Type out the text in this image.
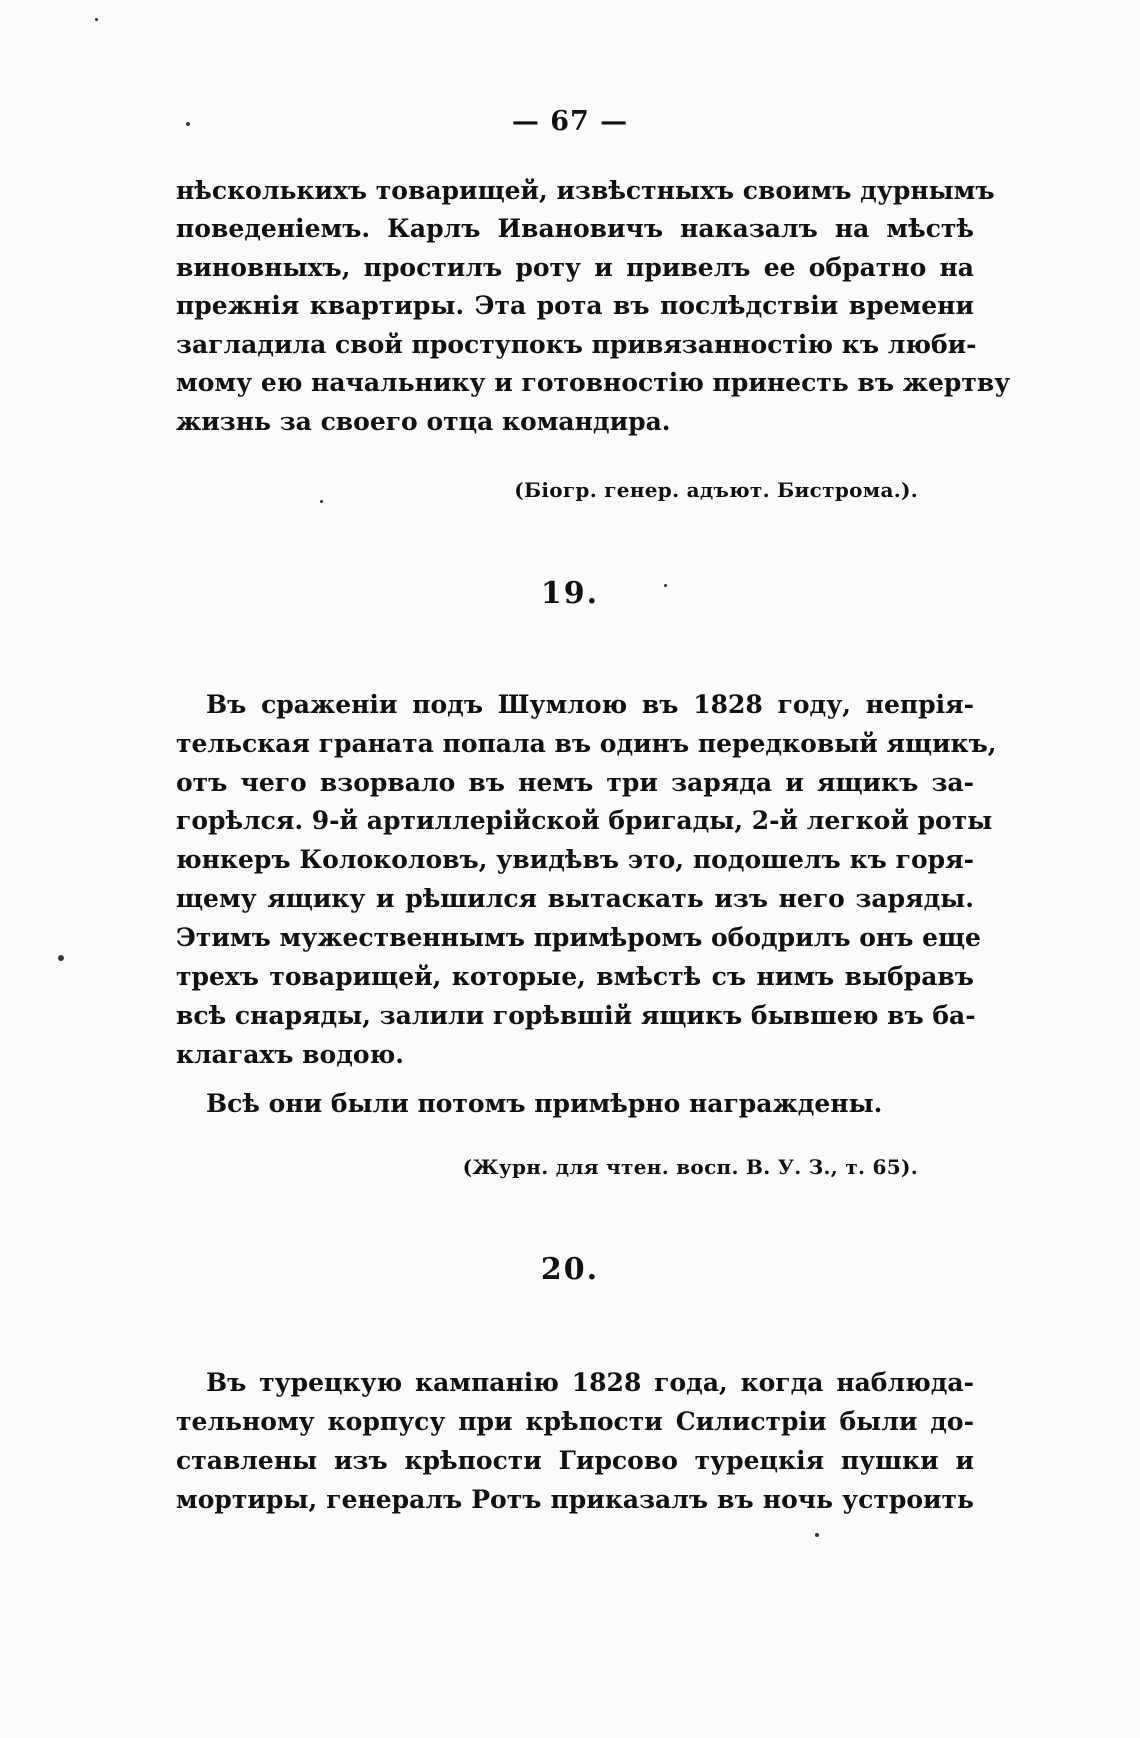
— 67 —
нѣсколькихъ товарищей, извѣстныхъ своимъ дурнымъ
поведеніемъ. Карлъ Ивановичъ наказалъ на мѣстѣ
виновныхъ, простилъ роту и привелъ ее обратно на
прежнія квартиры. Эта рота въ послѣдствіи времени
загладила свой проступокъ привязанностію къ люби-
мому ею начальнику и готовностію принесть въ жертву
жизнь за своего отца командира.
(Біогр. генер. адъют. Бистрома.).
19.
Въ сраженіи подъ Шумлою въ 1828 году, непрія-
тельская граната попала въ одинъ передковый ящикъ,
отъ чего взорвало въ немъ три заряда и ящикъ за-
горѣлся. 9-й артиллерійской бригады, 2-й легкой роты
юнкеръ Колоколовъ, увидѣвъ это, подошелъ къ горя-
щему ящику и рѣшился вытаскать изъ него заряды.
Этимъ мужественнымъ примѣромъ ободрилъ онъ еще
трехъ товарищей, которые, вмѣстѣ съ нимъ выбравъ
всѣ снаряды, залили горѣвшій ящикъ бывшею въ ба-
клагахъ водою.
Всѣ они были потомъ примѣрно награждены.
(Журн. для чтен. восп. В. У. З., т. 65).
20.
Въ турецкую кампанію 1828 года, когда наблюда-
тельному корпусу при крѣпости Силистріи были до-
ставлены изъ крѣпости Гирсово турецкія пушки и
мортиры, генералъ Ротъ приказалъ въ ночь устроить
